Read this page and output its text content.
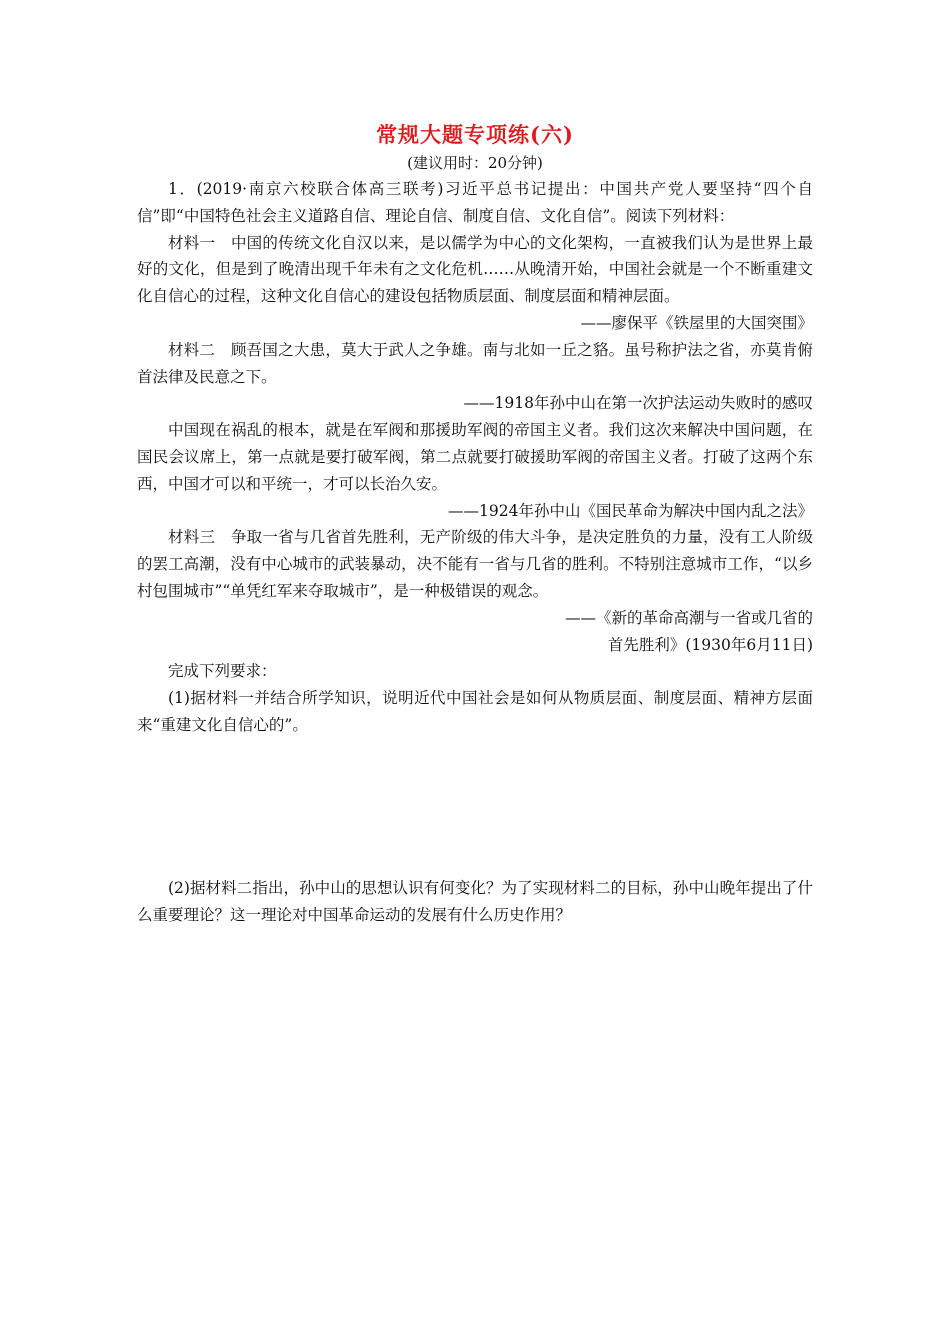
常规大题专项练(六)
(建议用时：20分钟)

1．(2019·南京六校联合体高三联考)习近平总书记提出：中国共产党人要坚持“四个自信”即“中国特色社会主义道路自信、理论自信、制度自信、文化自信”。阅读下列材料：

材料一　中国的传统文化自汉以来，是以儒学为中心的文化架构，一直被我们认为是世界上最好的文化，但是到了晚清出现千年未有之文化危机……从晚清开始，中国社会就是一个不断重建文化自信心的过程，这种文化自信心的建设包括物质层面、制度层面和精神层面。

——廖保平《铁屋里的大国突围》

材料二　顾吾国之大患，莫大于武人之争雄。南与北如一丘之貉。虽号称护法之省，亦莫肯俯首法律及民意之下。

——1918年孙中山在第一次护法运动失败时的感叹

中国现在祸乱的根本，就是在军阀和那援助军阀的帝国主义者。我们这次来解决中国问题，在国民会议席上，第一点就是要打破军阀，第二点就要打破援助军阀的帝国主义者。打破了这两个东西，中国才可以和平统一，才可以长治久安。

——1924年孙中山《国民革命为解决中国内乱之法》

材料三　争取一省与几省首先胜利，无产阶级的伟大斗争，是决定胜负的力量，没有工人阶级的罢工高潮，没有中心城市的武装暴动，决不能有一省与几省的胜利。不特别注意城市工作，“以乡村包围城市”“单凭红军来夺取城市”，是一种极错误的观念。

——《新的革命高潮与一省或几省的

首先胜利》(1930年6月11日)

完成下列要求：

(1)据材料一并结合所学知识，说明近代中国社会是如何从物质层面、制度层面、精神方层面来“重建文化自信心的”。

(2)据材料二指出，孙中山的思想认识有何变化？为了实现材料二的目标，孙中山晚年提出了什么重要理论？这一理论对中国革命运动的发展有什么历史作用？
